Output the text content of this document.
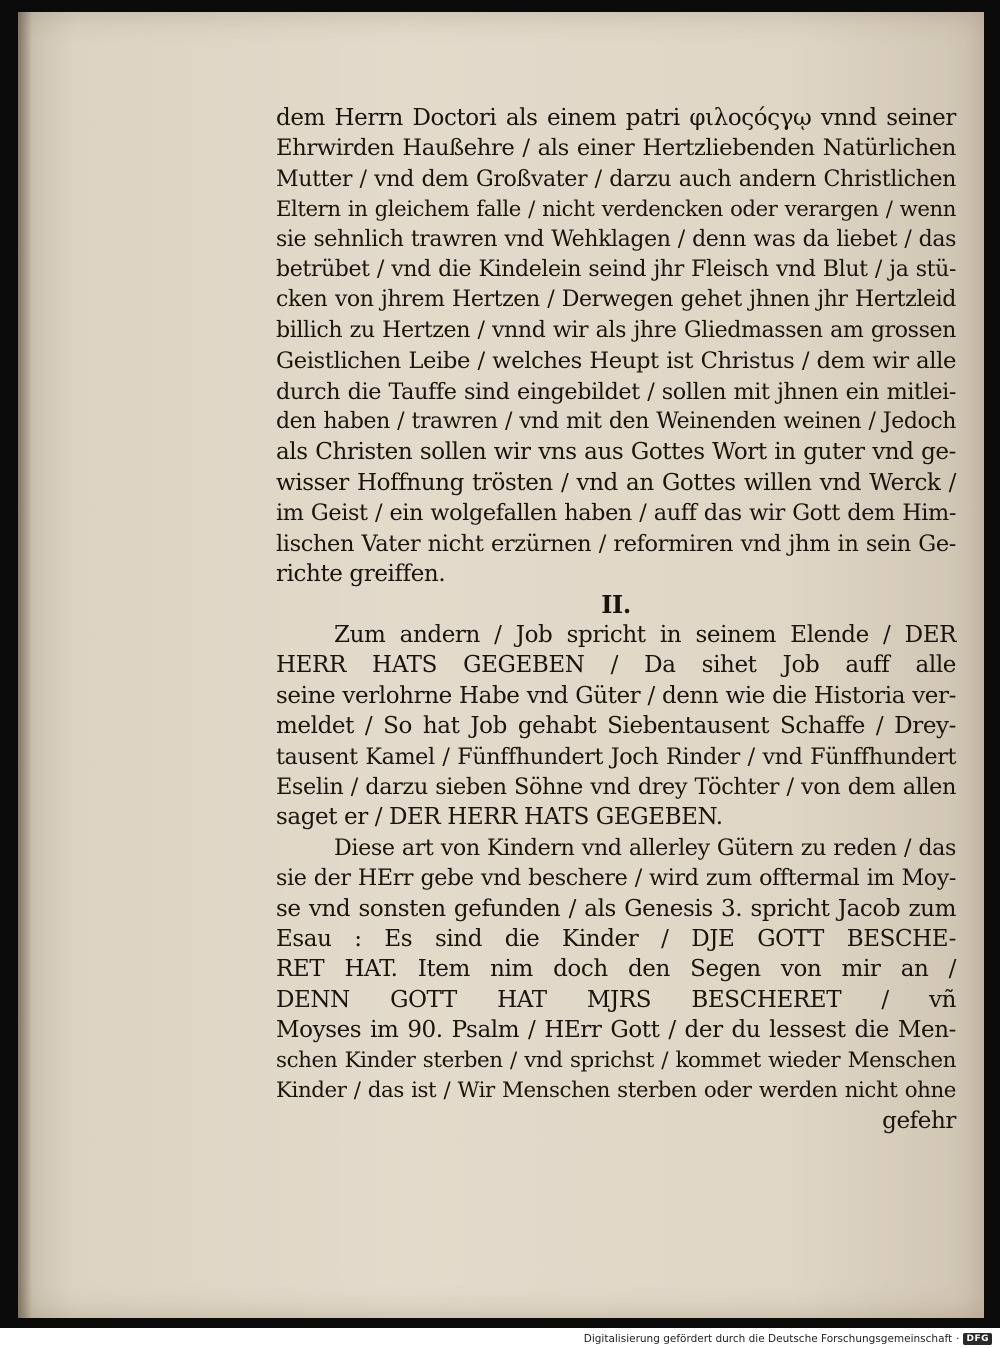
dem Herrn Doctori als einem patri φιλοςόςγῳ vnnd seiner
Ehrwirden Haußehre / als einer Hertzliebenden Natürlichen
Mutter / vnd dem Großvater / darzu auch andern Christlichen
Eltern in gleichem falle / nicht verdencken oder verargen / wenn
sie sehnlich trawren vnd Wehklagen / denn was da liebet / das
betrübet / vnd die Kindelein seind jhr Fleisch vnd Blut / ja stü-
cken von jhrem Hertzen / Derwegen gehet jhnen jhr Hertzleid
billich zu Hertzen / vnnd wir als jhre Gliedmassen am grossen
Geistlichen Leibe / welches Heupt ist Christus / dem wir alle
durch die Tauffe sind eingebildet / sollen mit jhnen ein mitlei-
den haben / trawren / vnd mit den Weinenden weinen / Jedoch
als Christen sollen wir vns aus Gottes Wort in guter vnd ge-
wisser Hoffnung trösten / vnd an Gottes willen vnd Werck /
im Geist / ein wolgefallen haben / auff das wir Gott dem Him-
lischen Vater nicht erzürnen / reformiren vnd jhm in sein Ge-
richte greiffen.
II.
Zum andern / Job spricht in seinem Elende / DER
HERR HATS GEGEBEN / Da sihet Job auff alle
seine verlohrne Habe vnd Güter / denn wie die Historia ver-
meldet / So hat Job gehabt Siebentausent Schaffe / Drey-
tausent Kamel / Fünffhundert Joch Rinder / vnd Fünffhundert
Eselin / darzu sieben Söhne vnd drey Töchter / von dem allen
saget er / DER HERR HATS GEGEBEN.
Diese art von Kindern vnd allerley Gütern zu reden / das
sie der HErr gebe vnd beschere / wird zum offtermal im Moy-
se vnd sonsten gefunden / als Genesis 3. spricht Jacob zum
Esau : Es sind die Kinder / DJE GOTT BESCHE-
RET HAT. Item nim doch den Segen von mir an /
DENN GOTT HAT MJRS BESCHERET / vñ
Moyses im 90. Psalm / HErr Gott / der du lessest die Men-
schen Kinder sterben / vnd sprichst / kommet wieder Menschen
Kinder / das ist / Wir Menschen sterben oder werden nicht ohne
gefehr
Digitalisierung gefördert durch die Deutsche Forschungsgemeinschaft · DFG
